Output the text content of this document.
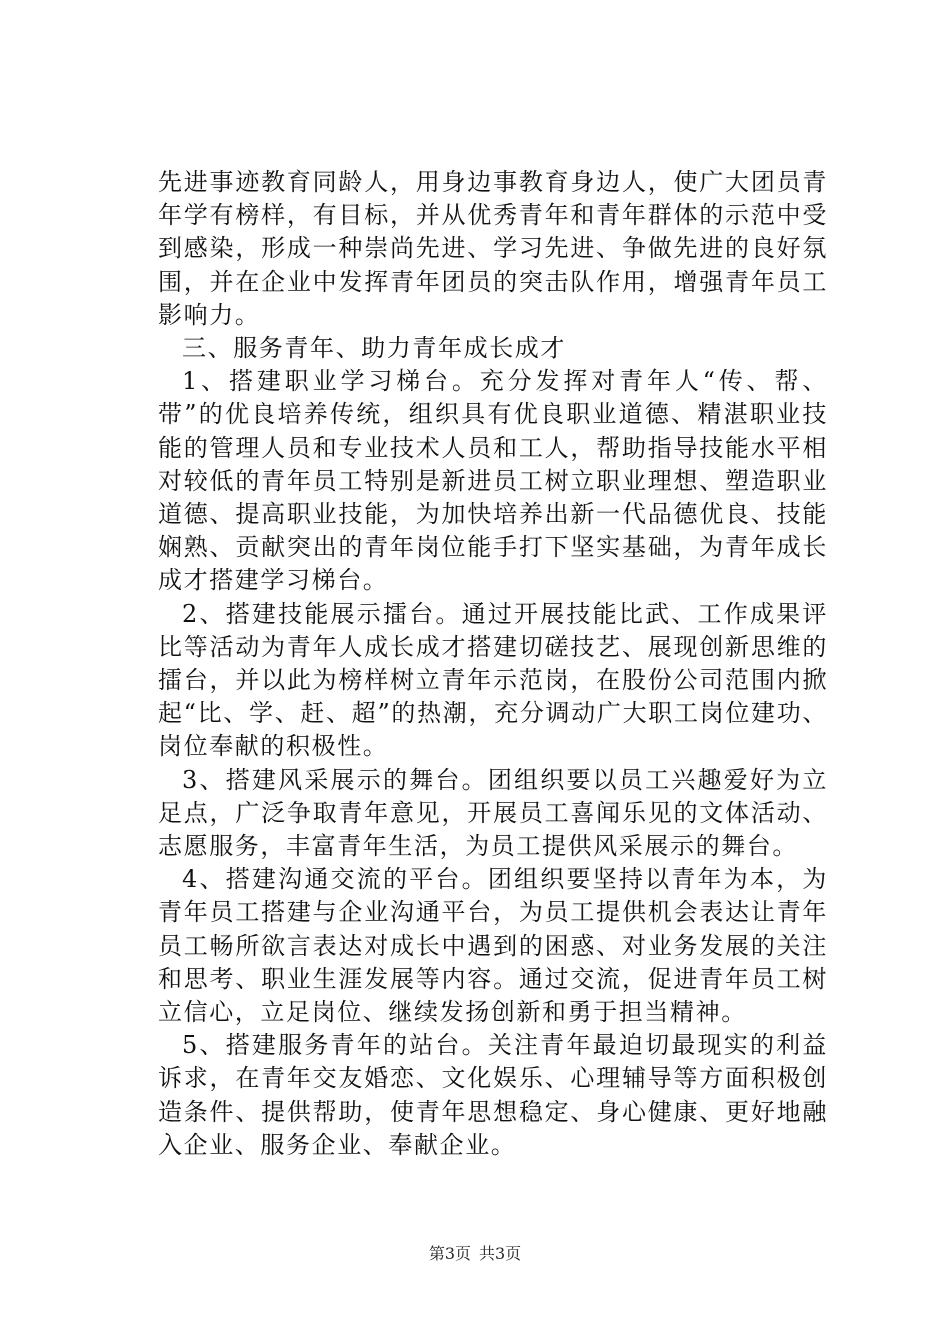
先进事迹教育同龄人，用身边事教育身边人，使广大团员青年学有榜样，有目标，并从优秀青年和青年群体的示范中受到感染，形成一种崇尚先进、学习先进、争做先进的良好氛围，并在企业中发挥青年团员的突击队作用，增强青年员工影响力。

三、服务青年、助力青年成长成才

1、搭建职业学习梯台。充分发挥对青年人“传、帮、带”的优良培养传统，组织具有优良职业道德、精湛职业技能的管理人员和专业技术人员和工人，帮助指导技能水平相对较低的青年员工特别是新进员工树立职业理想、塑造职业道德、提高职业技能，为加快培养出新一代品德优良、技能娴熟、贡献突出的青年岗位能手打下坚实基础，为青年成长成才搭建学习梯台。

2、搭建技能展示擂台。通过开展技能比武、工作成果评比等活动为青年人成长成才搭建切磋技艺、展现创新思维的擂台，并以此为榜样树立青年示范岗，在股份公司范围内掀起“比、学、赶、超”的热潮，充分调动广大职工岗位建功、岗位奉献的积极性。

3、搭建风采展示的舞台。团组织要以员工兴趣爱好为立足点，广泛争取青年意见，开展员工喜闻乐见的文体活动、志愿服务，丰富青年生活，为员工提供风采展示的舞台。

4、搭建沟通交流的平台。团组织要坚持以青年为本，为青年员工搭建与企业沟通平台，为员工提供机会表达让青年员工畅所欲言表达对成长中遇到的困惑、对业务发展的关注和思考、职业生涯发展等内容。通过交流，促进青年员工树立信心，立足岗位、继续发扬创新和勇于担当精神。

5、搭建服务青年的站台。关注青年最迫切最现实的利益诉求，在青年交友婚恋、文化娱乐、心理辅导等方面积极创造条件、提供帮助，使青年思想稳定、身心健康、更好地融入企业、服务企业、奉献企业。

第3页 共3页
